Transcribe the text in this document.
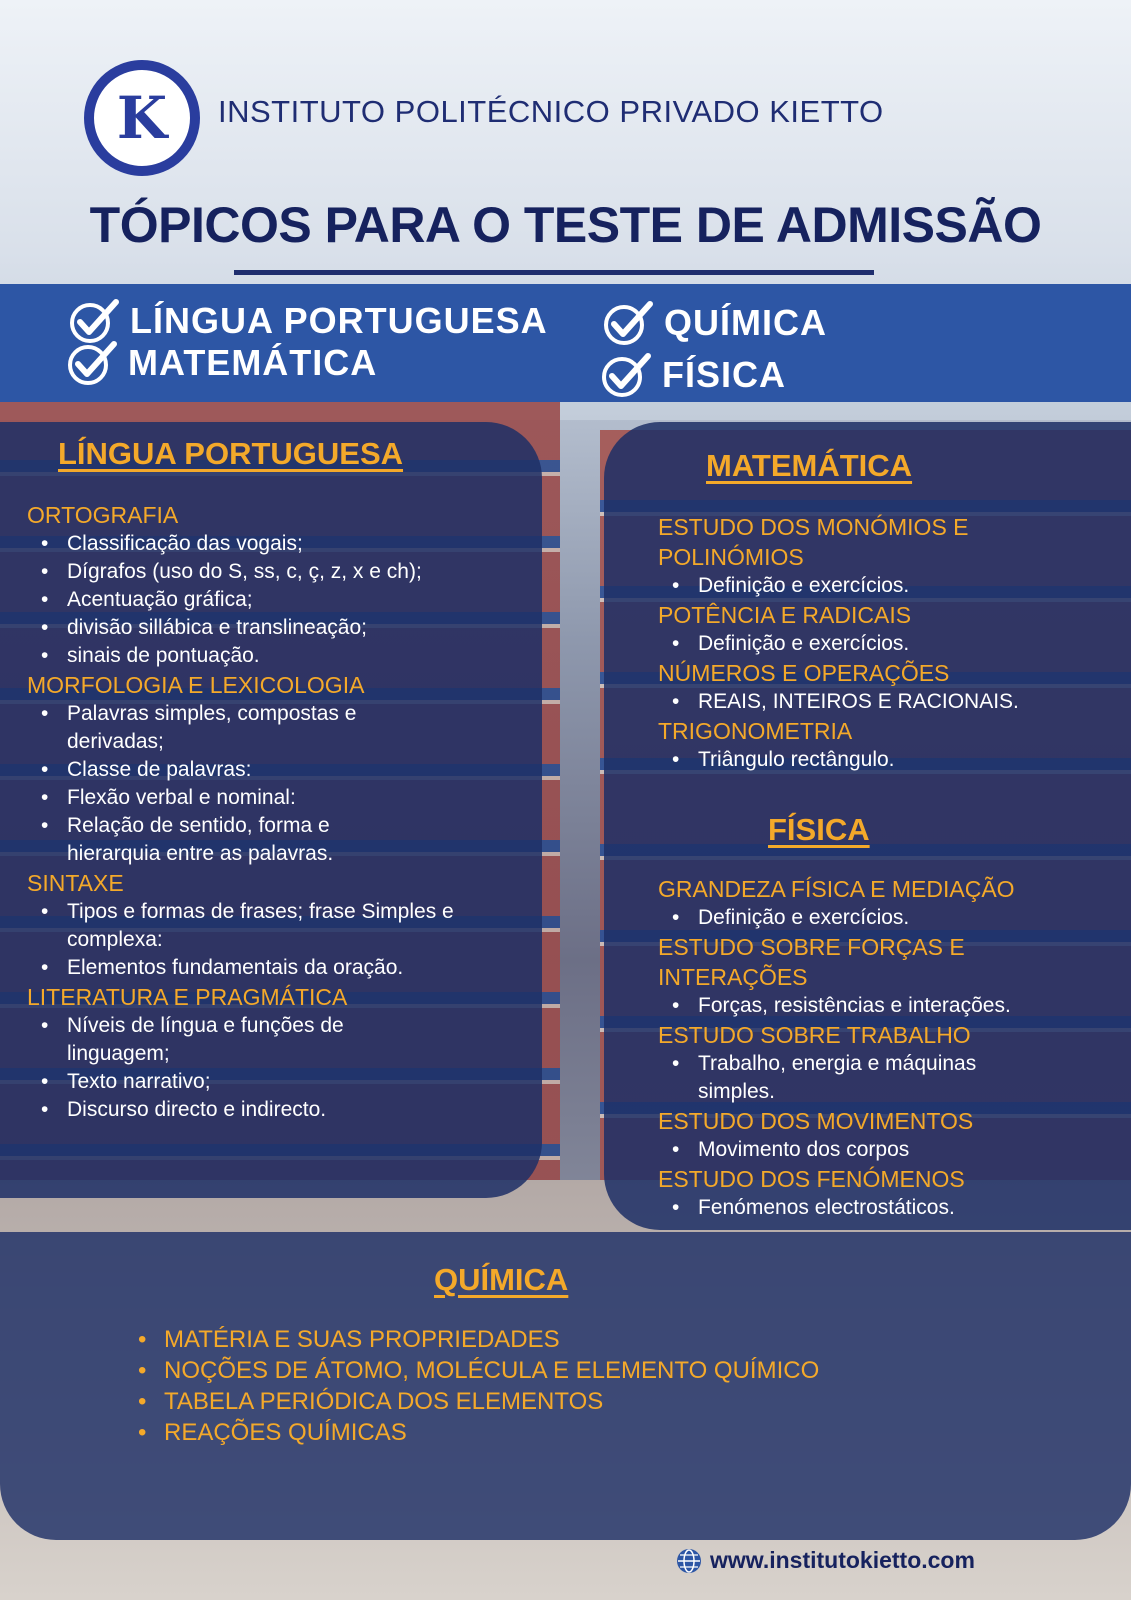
K INSTITUTO POLITÉCNICO PRIVADO KIETTO
TÓPICOS PARA O TESTE DE ADMISSÃO
LÍNGUA PORTUGUESA
MATEMÁTICA
QUÍMICA
FÍSICA
LÍNGUA PORTUGUESA
ORTOGRAFIA
• Classificação das vogais;
• Dígrafos (uso do S, ss, c, ç, z, x e ch);
• Acentuação gráfica;
• divisão sillábica e translineação;
• sinais de pontuação.
MORFOLOGIA E LEXICOLOGIA
• Palavras simples, compostas e derivadas;
• Classe de palavras:
• Flexão verbal e nominal:
• Relação de sentido, forma e hierarquia entre as palavras.
SINTAXE
• Tipos e formas de frases; frase Simples e complexa:
• Elementos fundamentais da oração.
LITERATURA E PRAGMÁTICA
• Níveis de língua e funções de linguagem;
• Texto narrativo;
• Discurso directo e indirecto.
MATEMÁTICA
ESTUDO DOS MONÓMIOS E POLINÓMIOS
• Definição e exercícios.
POTÊNCIA E RADICAIS
• Definição e exercícios.
NÚMEROS E OPERAÇÕES
• REAIS, INTEIROS E RACIONAIS.
TRIGONOMETRIA
• Triângulo rectângulo.
FÍSICA
GRANDEZA FÍSICA E MEDIAÇÃO
• Definição e exercícios.
ESTUDO SOBRE FORÇAS E INTERAÇÕES
• Forças, resistências e interações.
ESTUDO SOBRE TRABALHO
• Trabalho, energia e máquinas simples.
ESTUDO DOS MOVIMENTOS
• Movimento dos corpos
ESTUDO DOS FENÓMENOS
• Fenómenos electrostáticos.
QUÍMICA
• MATÉRIA E SUAS PROPRIEDADES
• NOÇÕES DE ÁTOMO, MOLÉCULA E ELEMENTO QUÍMICO
• TABELA PERIÓDICA DOS ELEMENTOS
• REAÇÕES QUÍMICAS
www.institutokietto.com
